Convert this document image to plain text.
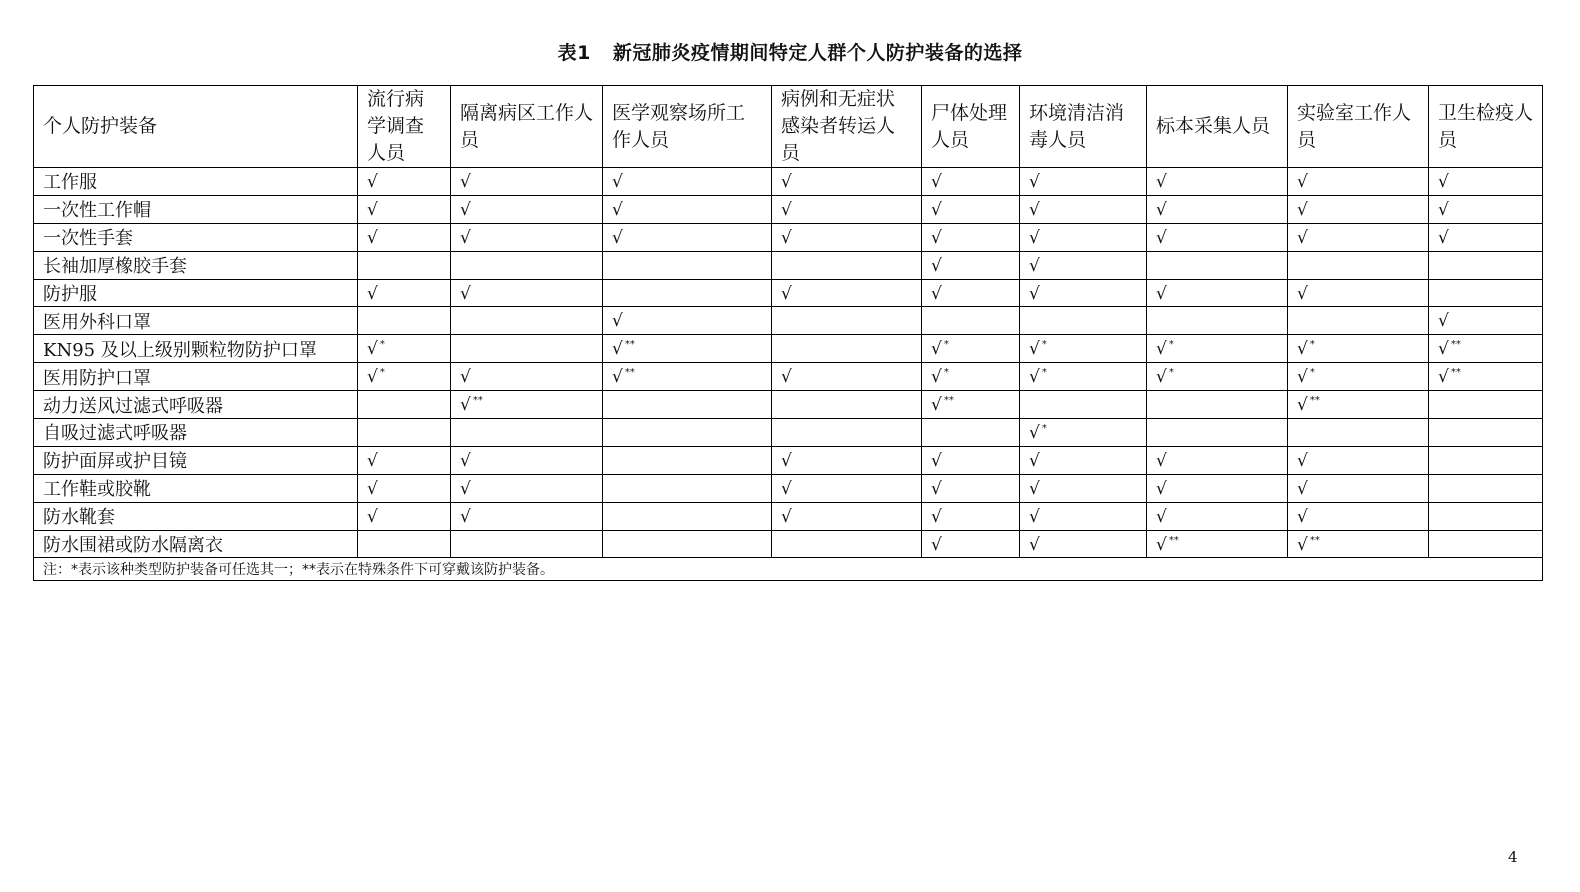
表1 新冠肺炎疫情期间特定人群个人防护装备的选择
个人防护装备	流行病学调查人员	隔离病区工作人员	医学观察场所工作人员	病例和无症状感染者转运人员	尸体处理人员	环境清洁消毒人员	标本采集人员	实验室工作人员	卫生检疫人员
工作服	√	√	√	√	√	√	√	√	√
一次性工作帽	√	√	√	√	√	√	√	√	√
一次性手套	√	√	√	√	√	√	√	√	√
长袖加厚橡胶手套					√	√			
防护服	√	√		√	√	√	√	√	
医用外科口罩			√						√
KN95 及以上级别颗粒物防护口罩	√ *		√ **		√ *	√ *	√ *	√ *	√ **
医用防护口罩	√ *	√	√ **	√	√ *	√ *	√ *	√ *	√ **
动力送风过滤式呼吸器		√ **			√ **			√ **	
自吸过滤式呼吸器						√ *			
防护面屏或护目镜	√	√		√	√	√	√	√	
工作鞋或胶靴	√	√		√	√	√	√	√	
防水靴套	√	√		√	√	√	√	√	
防水围裙或防水隔离衣					√	√	√ **	√ **	
注：*表示该种类型防护装备可任选其一；**表示在特殊条件下可穿戴该防护装备。									
4
